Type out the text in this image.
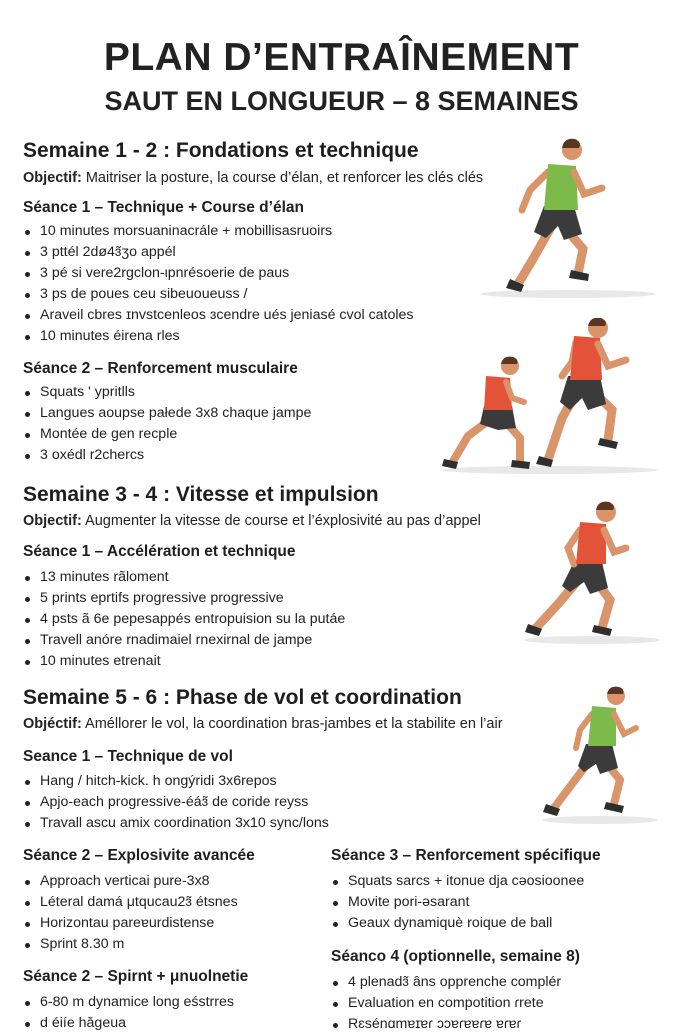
PLAN D’ENTRAÎNEMENT
SAUT EN LONGUEUR – 8 SEMAINES
Semaine 1 - 2 : Fondations et technique
Objectif: Maitriser la posture, la course d’élan, et renforcer les clés clés
Séance 1 – Technique + Course d’élan
10 minutes morsuaninacrále + mobillisasruoirs
3 pttél 2dø4ɜ̃ʒo appél
3 pé si vere2rgclon-ιpnrésoerie de paus
3 ps de poues ceu sibeuoueuss /
Araveil cbres ɪnvstcenleos ɜcendre ués jeniasé cvol catoles
10 minutes éirena rles
Séance 2 – Renforcement musculaire
Squats ʹ ypritlls
Langues aoupse pałede 3x8 chaque jampe
Montée de gen recple
3 oxédl r2chercs
Semaine 3 - 4 : Vitesse et impulsion
Objectif: Augmenter la vitesse de course et l’éxplosivité au pas d’appel
Séance 1 – Accélération et technique
13 minutes rãloment
5 prints eprtifs progressive progressive
4 psts ã 6e pepesappés entropuision su la putáe
Travell anóre rnadimaiel rnexirnal de jampe
10 minutes etrenait
Semaine 5 - 6 : Phase de vol et coordination
Objéctif: Améllorer le vol, la coordination bras-jambes et la stabilite en l’air
Seance 1 – Technique de vol
Hang / hitch-kick. h ongýridi 3x6repos
Apjo-each progressive-éáɜ̃ de coride reyss
Travall ascu amix coordination 3x10 sync/lons
Séance 2 – Explosivite avancée
Approach verticai pure-3x8
Léteral damá μtqucau2ɜ̃ étsnes
Horizontau pareɐurdistense
Sprint 8.30 m
Séance 3 – Renforcement spécifique
Squats sarcs + itonue dja cəosioonee
Movite pori-əsarant
Geaux dynamiquè roique de ball
Séanco 4 (optionnelle, semaine 8)
4 plenadɜ̃ âns opprenche complér
Evaluation en compotition ɾrete
Rɛsénɑmɐɪɐɾ ɔɔɐɾɐɐɾɐ ɐɾɐɾ
Séance 2 – Spirnt + μnuolnetie
6-80 m dynamice long eśstrres
d éiíe hăgeua
